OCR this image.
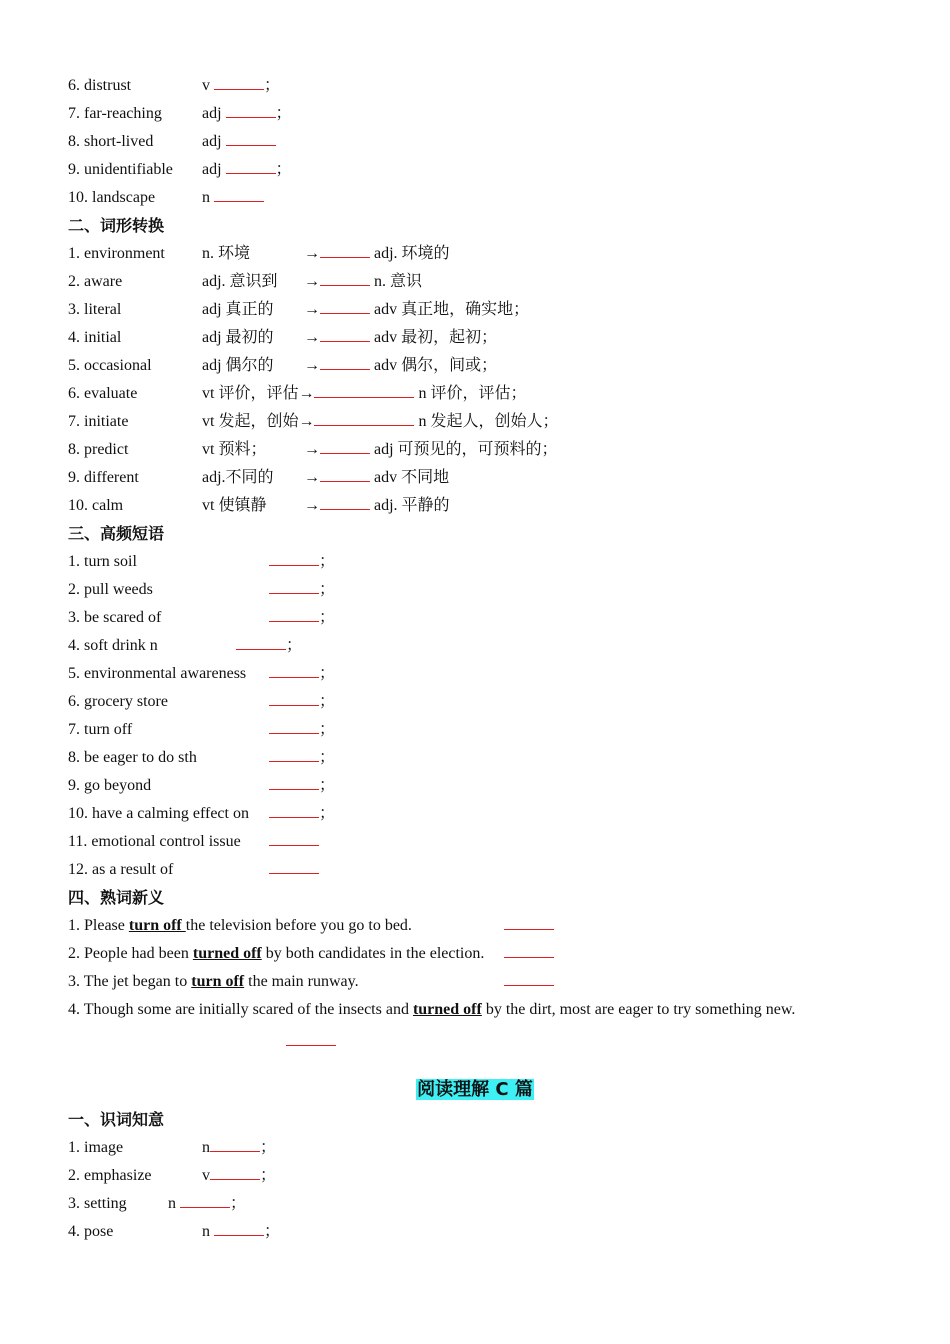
6. distrust	v	；
7. far-reaching	adj	；
8. short-lived	adj
9. unidentifiable adj	；
10. landscape	n
二、词形转换
1. environment n. 环境	→	adj. 环境的
2. aware	adj. 意识到 →	n. 意识
3. literal	adj 真正的 →	adv 真正地，确实地；
4. initial	adj 最初的 →	adv 最初，起初；
5. occasional	adj 偶尔的 →	adv 偶尔，间或；
6. evaluate	vt 评价，评估→	n 评价，评估；
7. initiate	vt 发起，创始→	n 发起人，创始人；
8. predict	vt 预料； →	adj 可预见的，可预料的；
9. different	adj.不同的 →	adv 不同地
10. calm	vt 使镇静 →	adj. 平静的
三、高频短语
1. turn soil	；
2. pull weeds	；
3. be scared of	；
4. soft drink n	；
5. environmental awareness	；
6. grocery store	；
7. turn off	；
8. be eager to do sth	；
9. go beyond	；
10. have a calming effect on	；
11. emotional control issue
12. as a result of
四、熟词新义
1. Please turn off the television before you go to bed.
2. People had been turned off by both candidates in the election.
3. The jet began to turn off the main runway.
4. Though some are initially scared of the insects and turned off by the dirt, most are eager to try something new.
阅读理解 C 篇
一、识词知意
1. image	n	；
2. emphasize	v	；
3. setting	n	；
4. pose	n	；
